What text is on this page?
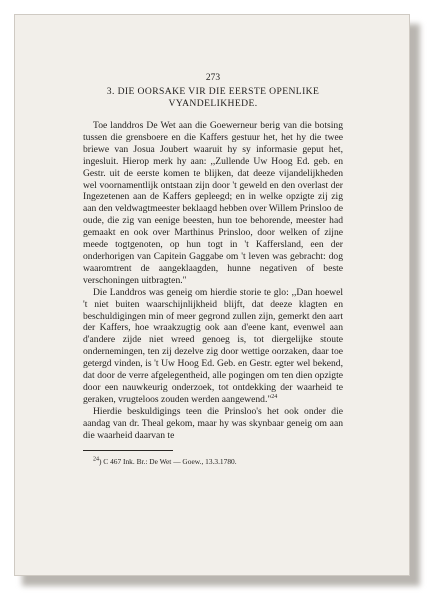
273

3. DIE OORSAKE VIR DIE EERSTE OPENLIKE
VYANDELIKHEDE.

Toe landdros De Wet aan die Goewerneur berig van die botsing tussen die grensboere en die Kaffers gestuur het, het hy die twee briewe van Josua Joubert waaruit hy sy informasie geput het, ingesluit. Hierop merk hy aan: ,,Zullende Uw Hoog Ed. geb. en Gestr. uit de eerste komen te blijken, dat deeze vijandelijkheden wel voornamentlijk ontstaan zijn door 't geweld en den overlast der Ingezetenen aan de Kaffers gepleegd; en in welke opzigte zij zig aan den veldwagtmeester beklaagd hebben over Willem Prinsloo de oude, die zig van eenige beesten, hun toe behorende, meester had gemaakt en ook over Marthinus Prinsloo, door welken of zijne meede togtgenoten, op hun togt in 't Kaffersland, een der onderhorigen van Capitein Gaggabe om 't leven was gebracht: dog waaromtrent de aangeklaagden, hunne negativen of beste verschoningen uitbragten."

Die Landdros was geneig om hierdie storie te glo: ,,Dan hoewel 't niet buiten waarschijnlijkheid blijft, dat deeze klagten en beschuldigingen min of meer gegrond zullen zijn, gemerkt den aart der Kaffers, hoe wraakzugtig ook aan d'eene kant, evenwel aan d'andere zijde niet wreed genoeg is, tot diergelijke stoute ondernemingen, ten zij dezelve zig door wettige oorzaken, daar toe getergd vinden, is 't Uw Hoog Ed. Geb. en Gestr. egter wel bekend, dat door de verre afgelegentheid, alle pogingen om ten dien opzigte door een nauwkeurig onderzoek, tot ontdekking der waarheid te geraken, vrugteloos zouden werden aangewend."$^{24}$

Hierdie beskuldigings teen die Prinsloo's het ook onder die aandag van dr. Theal gekom, maar hy was skynbaar geneig om aan die waarheid daarvan te

$^{24}$) C 467 Ink. Br.: De Wet — Goew., 13.3.1780.
